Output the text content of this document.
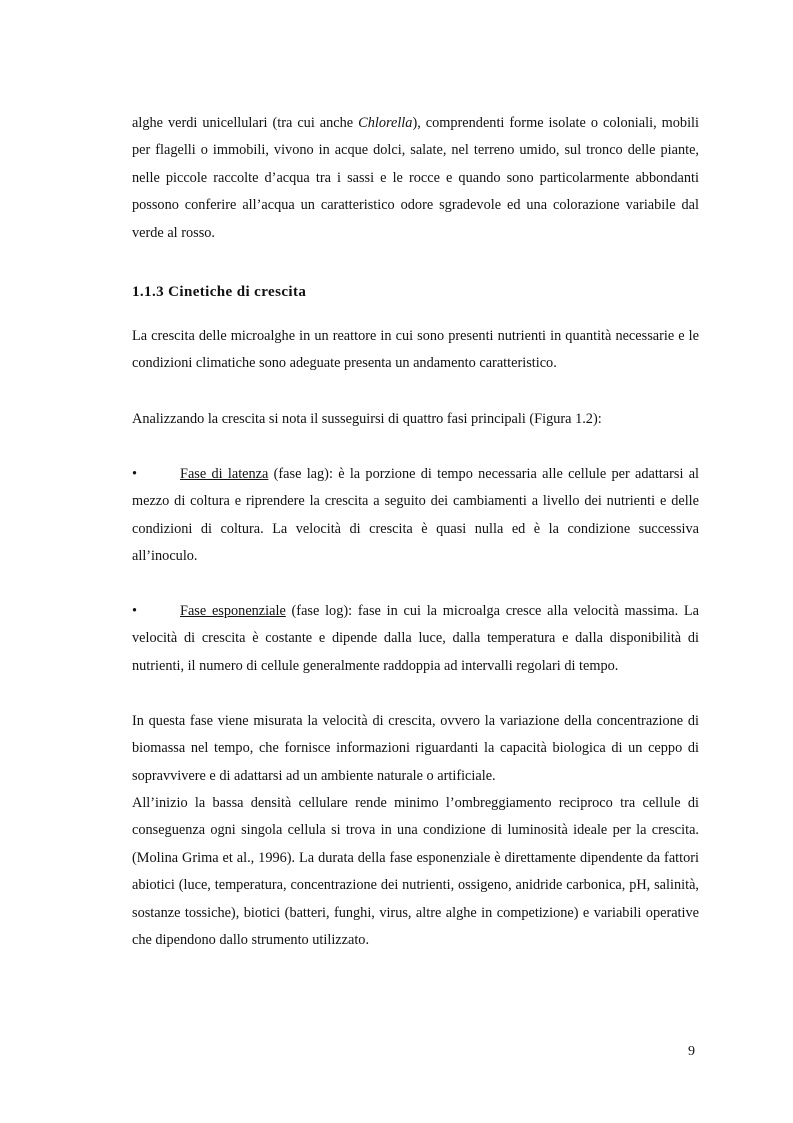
alghe verdi unicellulari (tra cui anche Chlorella), comprendenti forme isolate o coloniali, mobili per flagelli o immobili, vivono in acque dolci, salate, nel terreno umido, sul tronco delle piante, nelle piccole raccolte d’acqua tra i sassi e le rocce e quando sono particolarmente abbondanti possono conferire all’acqua un caratteristico odore sgradevole ed una colorazione variabile dal verde al rosso.

1.1.3 Cinetiche di crescita

La crescita delle microalghe in un reattore in cui sono presenti nutrienti in quantità necessarie e le condizioni climatiche sono adeguate presenta un andamento caratteristico.

Analizzando la crescita si nota il susseguirsi di quattro fasi principali (Figura 1.2):

•	Fase di latenza (fase lag): è la porzione di tempo necessaria alle cellule per adattarsi al mezzo di coltura e riprendere la crescita a seguito dei cambiamenti a livello dei nutrienti e delle condizioni di coltura. La velocità di crescita è quasi nulla ed è la condizione successiva all’inoculo.

•	Fase esponenziale (fase log): fase in cui la microalga cresce alla velocità massima. La velocità di crescita è costante e dipende dalla luce, dalla temperatura e dalla disponibilità di nutrienti, il numero di cellule generalmente raddoppia ad intervalli regolari di tempo.

In questa fase viene misurata la velocità di crescita, ovvero la variazione della concentrazione di biomassa nel tempo, che fornisce informazioni riguardanti la capacità biologica di un ceppo di sopravvivere e di adattarsi ad un ambiente naturale o artificiale.

All’inizio la bassa densità cellulare rende minimo l’ombreggiamento reciproco tra cellule di conseguenza ogni singola cellula si trova in una condizione di luminosità ideale per la crescita. (Molina Grima et al., 1996). La durata della fase esponenziale è direttamente dipendente da fattori abiotici (luce, temperatura, concentrazione dei nutrienti, ossigeno, anidride carbonica, pH, salinità, sostanze tossiche), biotici (batteri, funghi, virus, altre alghe in competizione) e variabili operative che dipendono dallo strumento utilizzato.

9
